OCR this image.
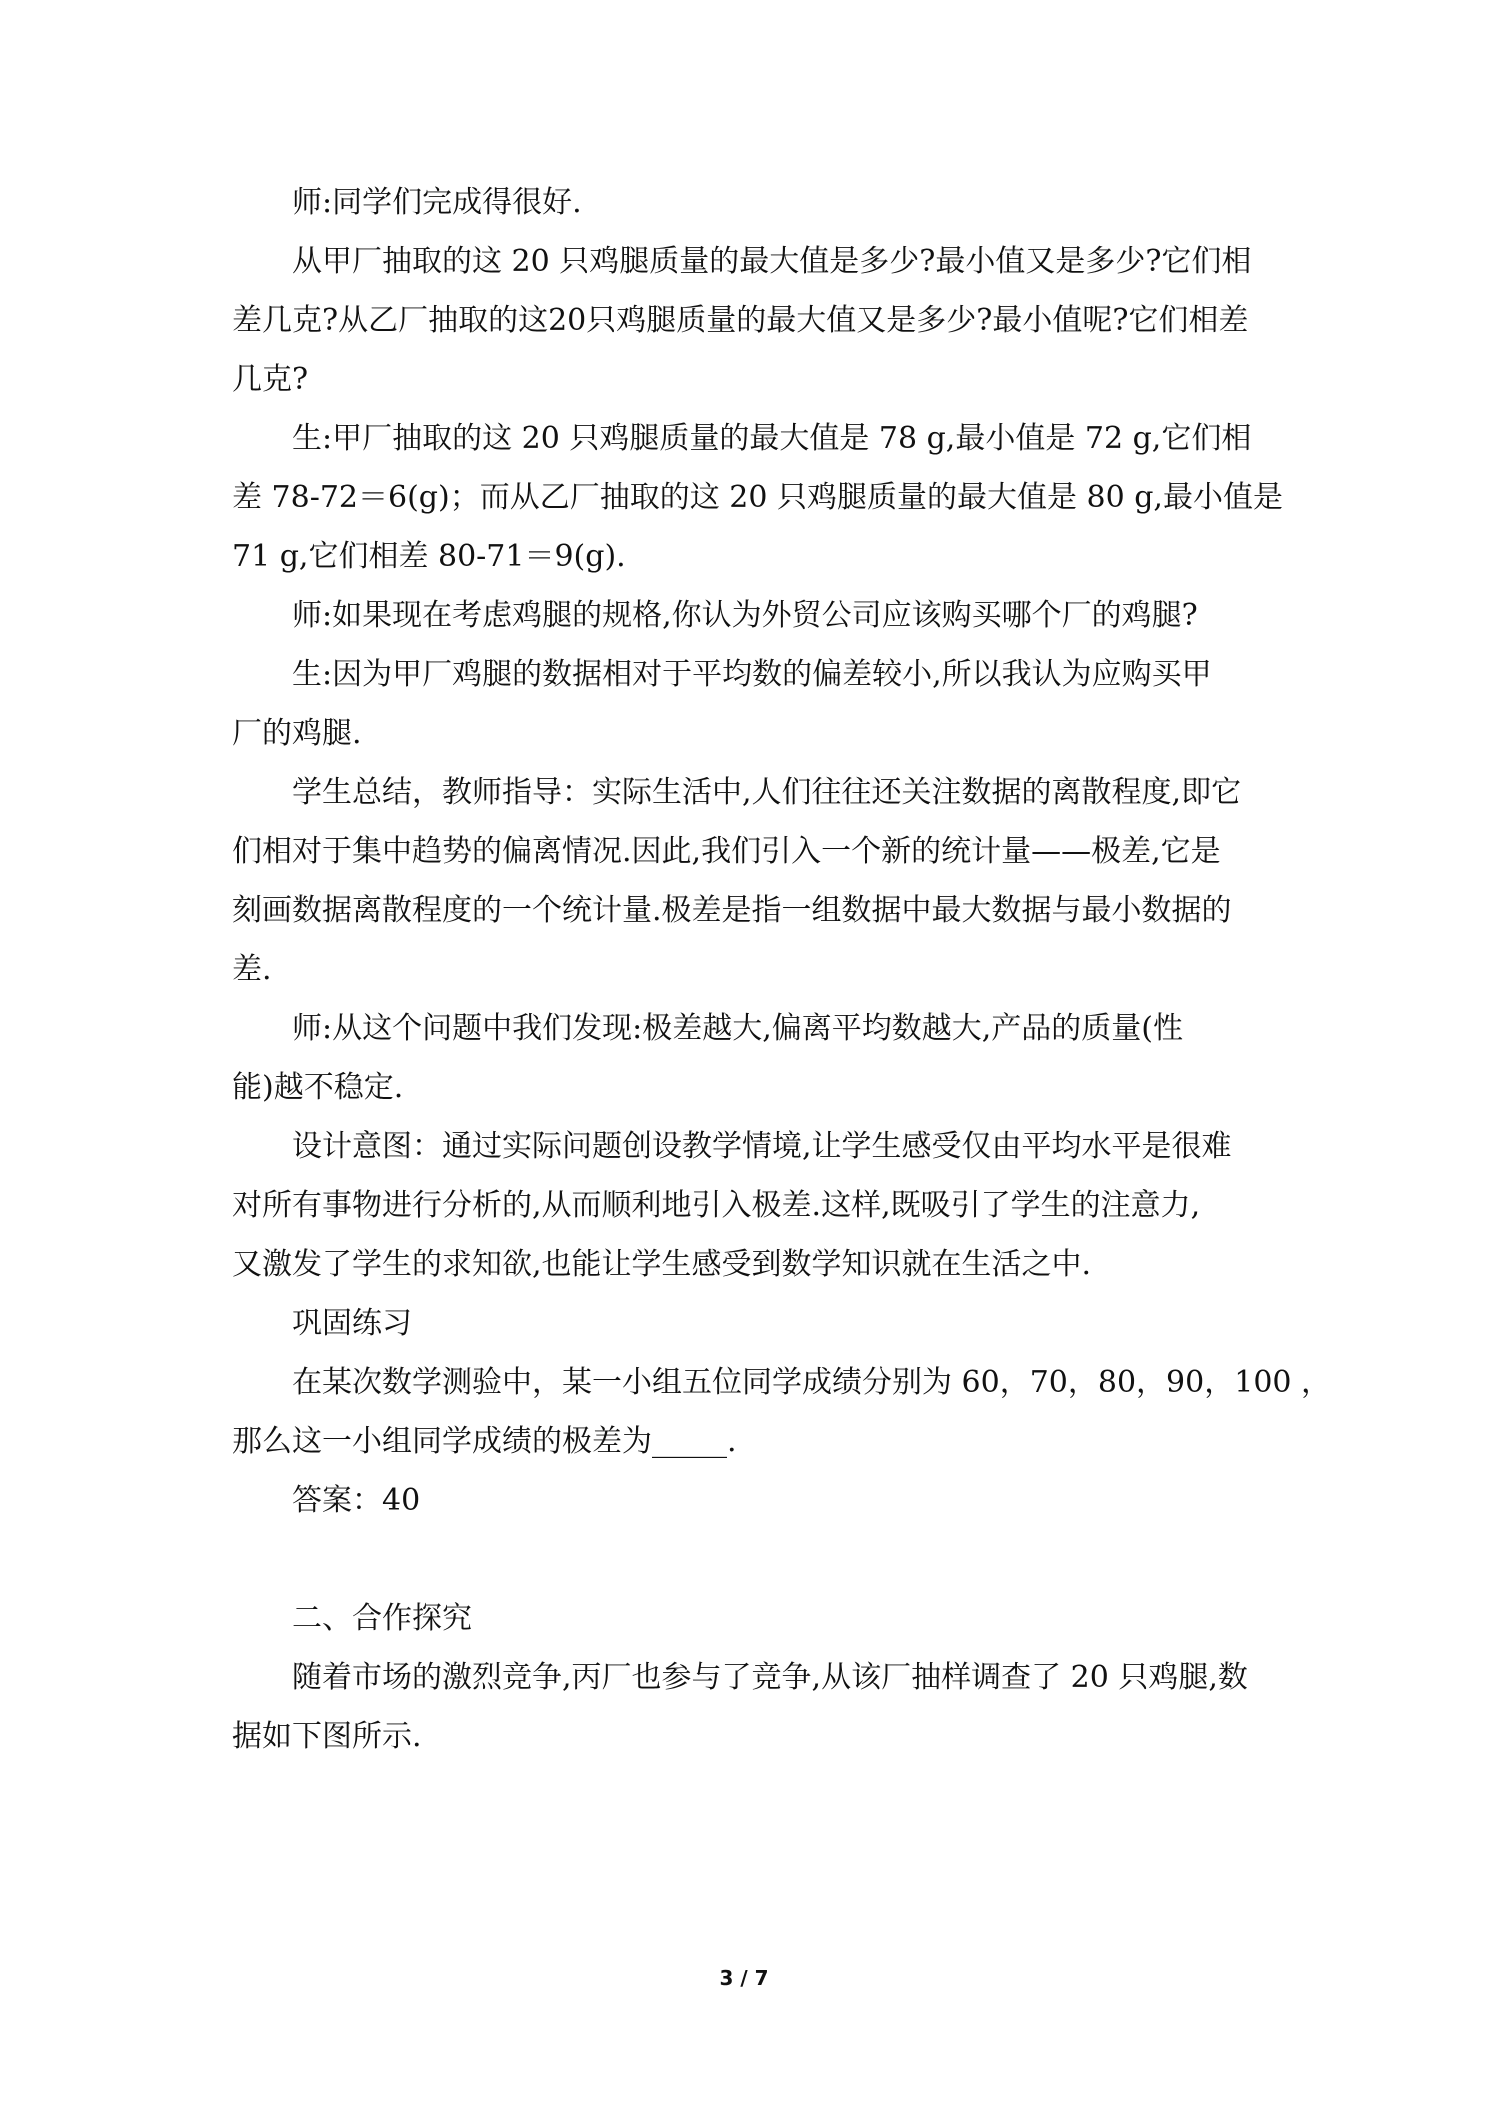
师:同学们完成得很好.
从甲厂抽取的这 20 只鸡腿质量的最大值是多少?最小值又是多少?它们相
差几克?从乙厂抽取的这20只鸡腿质量的最大值又是多少?最小值呢?它们相差
几克?
生:甲厂抽取的这 20 只鸡腿质量的最大值是 78 g,最小值是 72 g,它们相
差 78-72＝6(g)；而从乙厂抽取的这 20 只鸡腿质量的最大值是 80 g,最小值是
71 g,它们相差 80-71＝9(g).
师:如果现在考虑鸡腿的规格,你认为外贸公司应该购买哪个厂的鸡腿?
生:因为甲厂鸡腿的数据相对于平均数的偏差较小,所以我认为应购买甲
厂的鸡腿.
学生总结，教师指导：实际生活中,人们往往还关注数据的离散程度,即它
们相对于集中趋势的偏离情况.因此,我们引入一个新的统计量——极差,它是
刻画数据离散程度的一个统计量.极差是指一组数据中最大数据与最小数据的
差.
师:从这个问题中我们发现:极差越大,偏离平均数越大,产品的质量(性
能)越不稳定.
设计意图：通过实际问题创设教学情境,让学生感受仅由平均水平是很难
对所有事物进行分析的,从而顺利地引入极差.这样,既吸引了学生的注意力,
又激发了学生的求知欲,也能让学生感受到数学知识就在生活之中.
巩固练习
在某次数学测验中，某一小组五位同学成绩分别为 60，70，80，90，100 ，
那么这一小组同学成绩的极差为_____.
答案：40
二、合作探究
随着市场的激烈竞争,丙厂也参与了竞争,从该厂抽样调查了 20 只鸡腿,数
据如下图所示.
3 / 7
